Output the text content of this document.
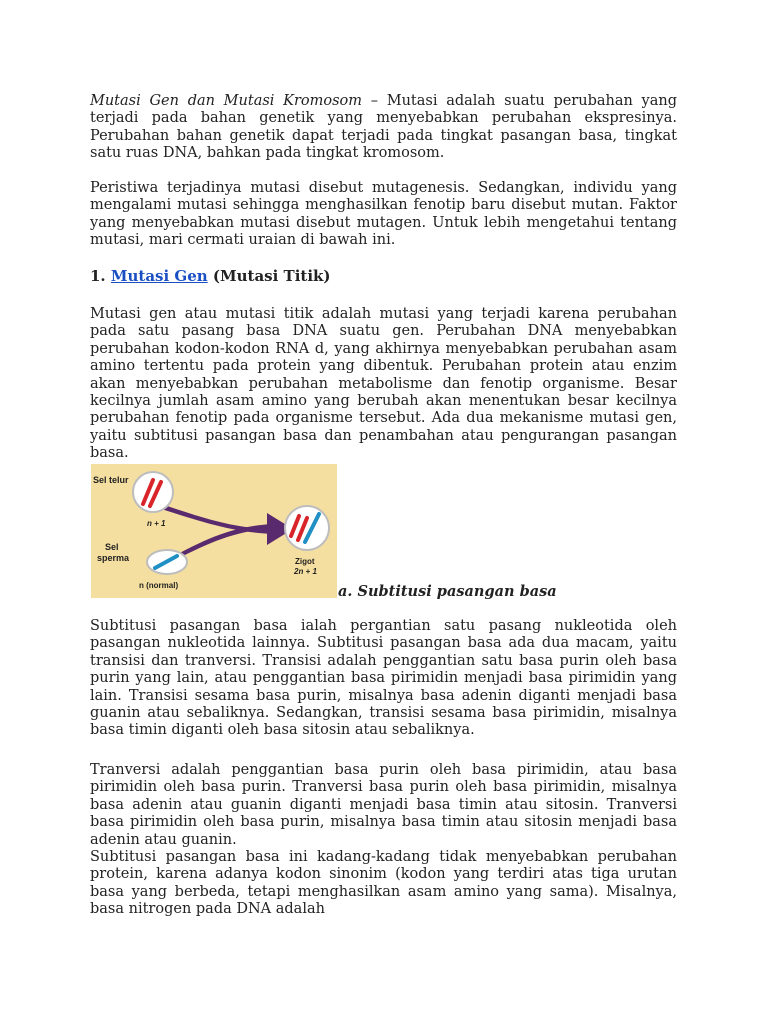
Mutasi Gen dan Mutasi Kromosom – Mutasi adalah suatu perubahan yang terjadi pada bahan genetik yang menyebabkan perubahan ekspresinya. Perubahan bahan genetik dapat terjadi pada tingkat pasangan basa, tingkat satu ruas DNA, bahkan pada tingkat kromosom.

Peristiwa terjadinya mutasi disebut mutagenesis. Sedangkan, individu yang mengalami mutasi sehingga menghasilkan fenotip baru disebut mutan. Faktor yang menyebabkan mutasi disebut mutagen. Untuk lebih mengetahui tentang mutasi, mari cermati uraian di bawah ini.

1. Mutasi Gen (Mutasi Titik)

Mutasi gen atau mutasi titik adalah mutasi yang terjadi karena perubahan pada satu pasang basa DNA suatu gen. Perubahan DNA menyebabkan perubahan kodon-kodon RNA d, yang akhirnya menyebabkan perubahan asam amino tertentu pada protein yang dibentuk. Perubahan protein atau enzim akan menyebabkan perubahan metabolisme dan fenotip organisme. Besar kecilnya jumlah asam amino yang berubah akan menentukan besar kecilnya perubahan fenotip pada organisme tersebut. Ada dua mekanisme mutasi gen, yaitu subtitusi pasangan basa dan penambahan atau pengurangan pasangan basa.

Sel telur
n + 1
Sel
sperma
n (normal)
Zigot
2n + 1

a. Subtitusi pasangan basa

Subtitusi pasangan basa ialah pergantian satu pasang nukleotida oleh pasangan nukleotida lainnya. Subtitusi pasangan basa ada dua macam, yaitu transisi dan tranversi. Transisi adalah penggantian satu basa purin oleh basa purin yang lain, atau penggantian basa pirimidin menjadi basa pirimidin yang lain. Transisi sesama basa purin, misalnya basa adenin diganti menjadi basa guanin atau sebaliknya. Sedangkan, transisi sesama basa pirimidin, misalnya basa timin diganti oleh basa sitosin atau sebaliknya.

Tranversi adalah penggantian basa purin oleh basa pirimidin, atau basa pirimidin oleh basa purin. Tranversi basa purin oleh basa pirimidin, misalnya basa adenin atau guanin diganti menjadi basa timin atau sitosin. Tranversi basa pirimidin oleh basa purin, misalnya basa timin atau sitosin menjadi basa adenin atau guanin.

Subtitusi pasangan basa ini kadang-kadang tidak menyebabkan perubahan protein, karena adanya kodon sinonim (kodon yang terdiri atas tiga urutan basa yang berbeda, tetapi menghasilkan asam amino yang sama). Misalnya, basa nitrogen pada DNA adalah
